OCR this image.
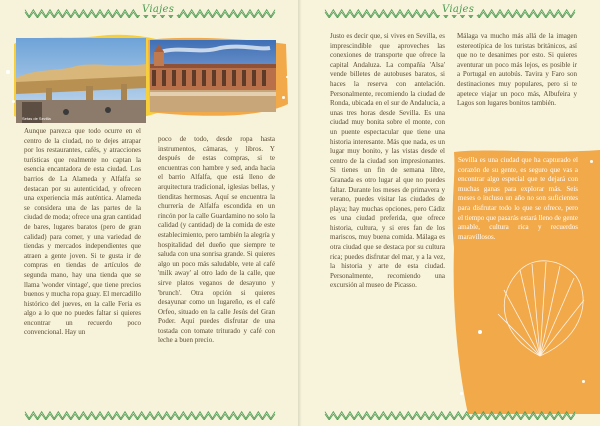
Viajes
Setas de Sevilla

Aunque parezca que todo ocurre en el centro de la ciudad, no te dejes atrapar por los restaurantes, cafés, y atracciones turísticas que realmente no captan la esencia encantadora de esta ciudad. Los barrios de La Alameda y Alfalfa se destacan por su autenticidad, y ofrecen una experiencia más auténtica. Alameda se considera una de las partes de la ciudad de moda; ofrece una gran cantidad de bares, lugares baratos (pero de gran calidad) para comer, y una variedad de tiendas y mercados independientes que atraen a gente joven. Si te gusta ir de compras en tiendas de artículos de segunda mano, hay una tienda que se llama 'wonder vintage', que tiene precios buenos y mucha ropa guay. El mercadillo histórico del jueves, en la calle Feria es algo a lo que no puedes faltar si quieres encontrar un recuerdo poco convencional. Hay un

poco de todo, desde ropa hasta instrumentos, cámaras, y libros. Y después de estas compras, si te encuentras con hambre y sed, anda hacia el barrio Alfalfa, que está lleno de arquitectura tradicional, iglesias bellas, y tienditas hermosas. Aquí se encuentra la churrería de Alfalfa escondida en un rincón por la calle Guardamino no solo la calidad (y cantidad) de la comida de este establecimiento, pero también la alegría y hospitalidad del dueño que siempre te saluda con una sonrisa grande. Si quieres algo un poco más saludable, vete al café 'milk away' al otro lado de la calle, que sirve platos veganos de desayuno y 'brunch'. Otra opción si quieres desayunar como un lugareño, es el café Orfeo, situado en la calle Jesús del Gran Poder. Aquí puedes disfrutar de una tostada con tomate triturado y café con leche a buen precio.

Viajes

Justo es decir que, si vives en Sevilla, es imprescindible que aproveches las conexiones de transporte que ofrece la capital Andaluza. La compañía 'Alsa' vende billetes de autobuses baratos, si haces la reserva con antelación. Personalmente, recomiendo la ciudad de Ronda, ubicada en el sur de Andalucía, a unas tres horas desde Sevilla. Es una ciudad muy bonita sobre el monte, con un puente espectacular que tiene una historia interesante. Más que nada, es un lugar muy bonito, y las vistas desde el centro de la ciudad son impresionantes. Si tienes un fin de semana libre, Granada es otro lugar al que no puedes faltar. Durante los meses de primavera y verano, puedes visitar las ciudades de playa; hay muchas opciones, pero Cádiz es una ciudad preferida, que ofrece historia, cultura, y si eres fan de los mariscos, muy buena comida. Málaga es otra ciudad que se destaca por su cultura rica; puedes disfrutar del mar, y a la vez, la historia y arte de esta ciudad. Personalmente, recomiendo una excursión al museo de Picasso.

Málaga va mucho más allá de la imagen estereotípica de los turistas británicos, así que no te desanimes por esto. Si quieres aventurar un poco más lejos, es posible ir a Portugal en autobús. Tavira y Faro son destinaciones muy populares, pero si te apetece viajar un poco más, Albufeira y Lagos son lugares bonitos también.

Sevilla es una ciudad que ha capturado el corazón de su gente, es seguro que vas a encontrar algo especial que te dejará con muchas ganas para explorar más. Seis meses o incluso un año no son suficientes para disfrutar todo lo que se ofrece, pero el tiempo que pasarás estará lleno de gente amable, cultura rica y recuerdos maravillosos.
